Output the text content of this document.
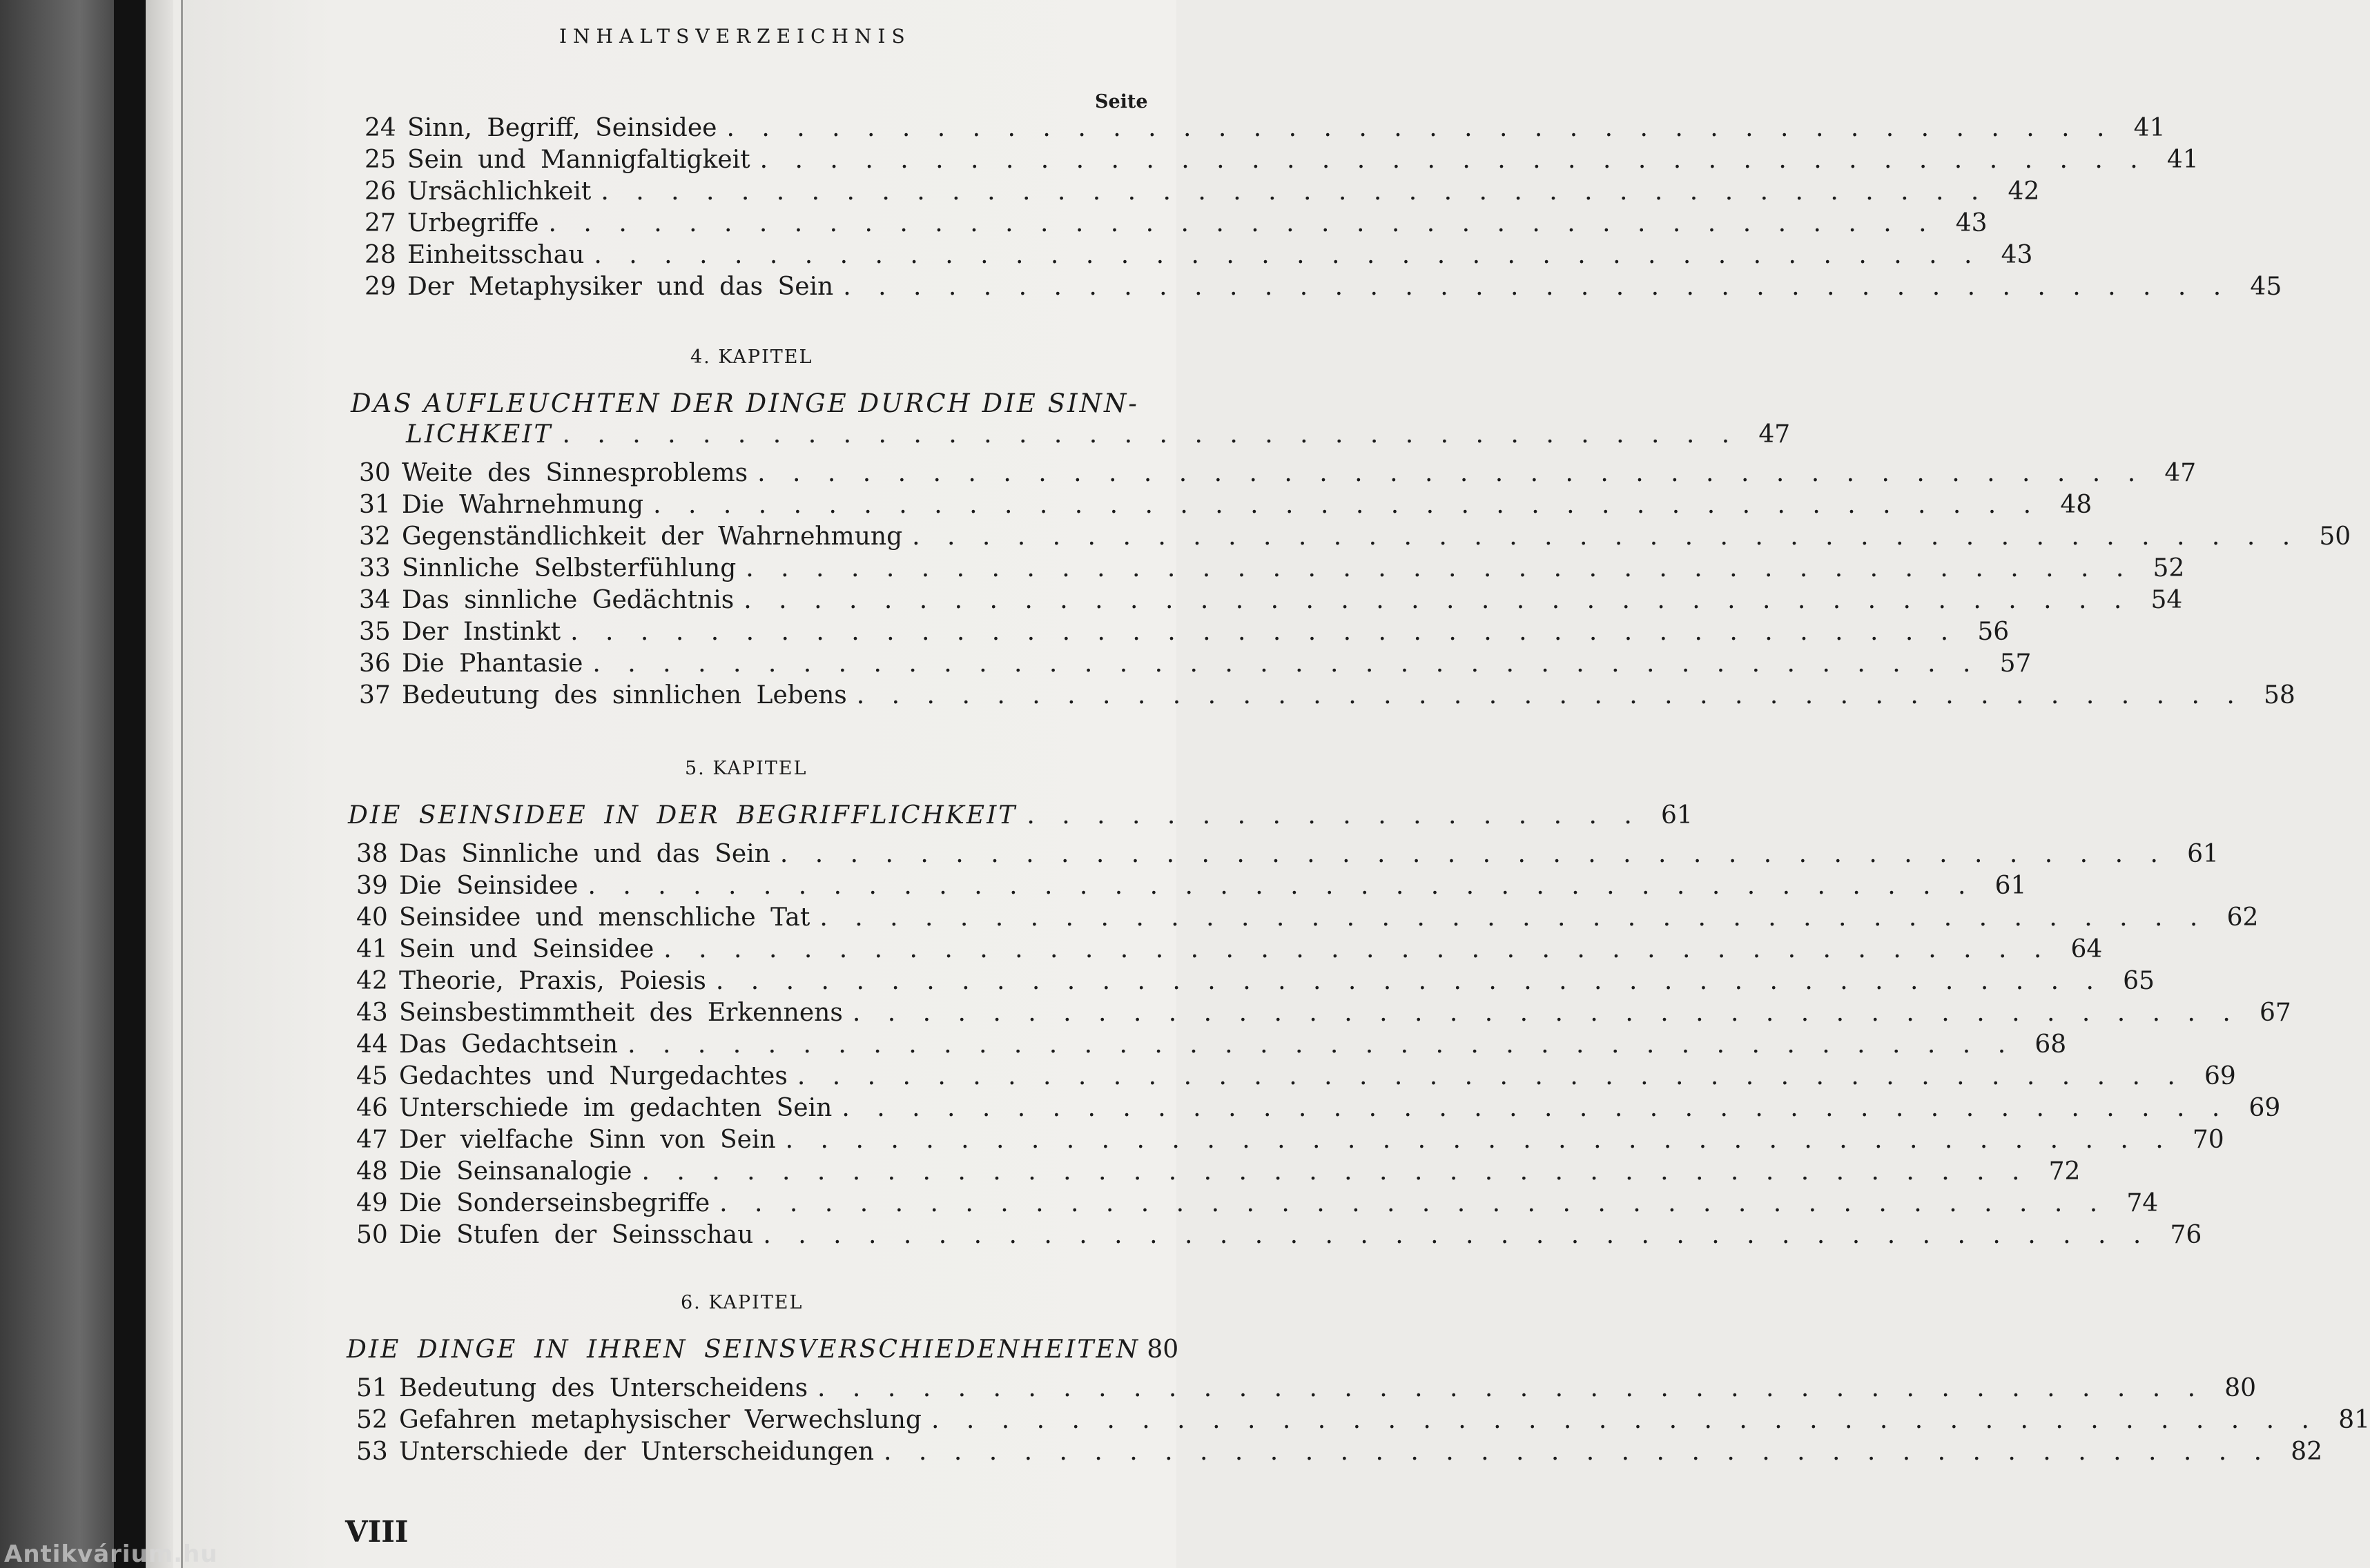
Antikvárium.hu
INHALTSVERZEICHNIS
Seite
24 Sinn, Begriff, Seinsidee . . . . . . . . . . . . . . . . . . . . . . . . . . . . . . . . . . . . . . . . 41
25 Sein und Mannigfaltigkeit . . . . . . . . . . . . . . . . . . . . . . . . . . . . . . . . . . . . . . . . 41
26 Ursächlichkeit . . . . . . . . . . . . . . . . . . . . . . . . . . . . . . . . . . . . . . . . 42
27 Urbegriffe . . . . . . . . . . . . . . . . . . . . . . . . . . . . . . . . . . . . . . . . 43
28 Einheitsschau . . . . . . . . . . . . . . . . . . . . . . . . . . . . . . . . . . . . . . . . 43
29 Der Metaphysiker und das Sein . . . . . . . . . . . . . . . . . . . . . . . . . . . . . . . . . . . . . . . . 45
4. KAPITEL
DAS AUFLEUCHTEN DER DINGE DURCH DIE SINN-
LICHKEIT . . . . . . . . . . . . . . . . . . . . . . . . . . . . . . . . . . 47
30 Weite des Sinnesproblems . . . . . . . . . . . . . . . . . . . . . . . . . . . . . . . . . . . . . . . . 47
31 Die Wahrnehmung . . . . . . . . . . . . . . . . . . . . . . . . . . . . . . . . . . . . . . . . 48
32 Gegenständlichkeit der Wahrnehmung . . . . . . . . . . . . . . . . . . . . . . . . . . . . . . . . . . . . . . . . 50
33 Sinnliche Selbsterfühlung . . . . . . . . . . . . . . . . . . . . . . . . . . . . . . . . . . . . . . . . 52
34 Das sinnliche Gedächtnis . . . . . . . . . . . . . . . . . . . . . . . . . . . . . . . . . . . . . . . . 54
35 Der Instinkt . . . . . . . . . . . . . . . . . . . . . . . . . . . . . . . . . . . . . . . . 56
36 Die Phantasie . . . . . . . . . . . . . . . . . . . . . . . . . . . . . . . . . . . . . . . . 57
37 Bedeutung des sinnlichen Lebens . . . . . . . . . . . . . . . . . . . . . . . . . . . . . . . . . . . . . . . . 58
5. KAPITEL
DIE SEINSIDEE IN DER BEGRIFFLICHKEIT . . . . . . . . . . . . . . . . . . 61
38 Das Sinnliche und das Sein . . . . . . . . . . . . . . . . . . . . . . . . . . . . . . . . . . . . . . . . 61
39 Die Seinsidee . . . . . . . . . . . . . . . . . . . . . . . . . . . . . . . . . . . . . . . . 61
40 Seinsidee und menschliche Tat . . . . . . . . . . . . . . . . . . . . . . . . . . . . . . . . . . . . . . . . 62
41 Sein und Seinsidee . . . . . . . . . . . . . . . . . . . . . . . . . . . . . . . . . . . . . . . . 64
42 Theorie, Praxis, Poiesis . . . . . . . . . . . . . . . . . . . . . . . . . . . . . . . . . . . . . . . . 65
43 Seinsbestimmtheit des Erkennens . . . . . . . . . . . . . . . . . . . . . . . . . . . . . . . . . . . . . . . . 67
44 Das Gedachtsein . . . . . . . . . . . . . . . . . . . . . . . . . . . . . . . . . . . . . . . . 68
45 Gedachtes und Nurgedachtes . . . . . . . . . . . . . . . . . . . . . . . . . . . . . . . . . . . . . . . . 69
46 Unterschiede im gedachten Sein . . . . . . . . . . . . . . . . . . . . . . . . . . . . . . . . . . . . . . . . 69
47 Der vielfache Sinn von Sein . . . . . . . . . . . . . . . . . . . . . . . . . . . . . . . . . . . . . . . . 70
48 Die Seinsanalogie . . . . . . . . . . . . . . . . . . . . . . . . . . . . . . . . . . . . . . . . 72
49 Die Sonderseinsbegriffe . . . . . . . . . . . . . . . . . . . . . . . . . . . . . . . . . . . . . . . . 74
50 Die Stufen der Seinsschau . . . . . . . . . . . . . . . . . . . . . . . . . . . . . . . . . . . . . . . . 76
6. KAPITEL
DIE DINGE IN IHREN SEINSVERSCHIEDENHEITEN 80
51 Bedeutung des Unterscheidens . . . . . . . . . . . . . . . . . . . . . . . . . . . . . . . . . . . . . . . . 80
52 Gefahren metaphysischer Verwechslung . . . . . . . . . . . . . . . . . . . . . . . . . . . . . . . . . . . . . . . . 81
53 Unterschiede der Unterscheidungen . . . . . . . . . . . . . . . . . . . . . . . . . . . . . . . . . . . . . . . . 82
VIII
